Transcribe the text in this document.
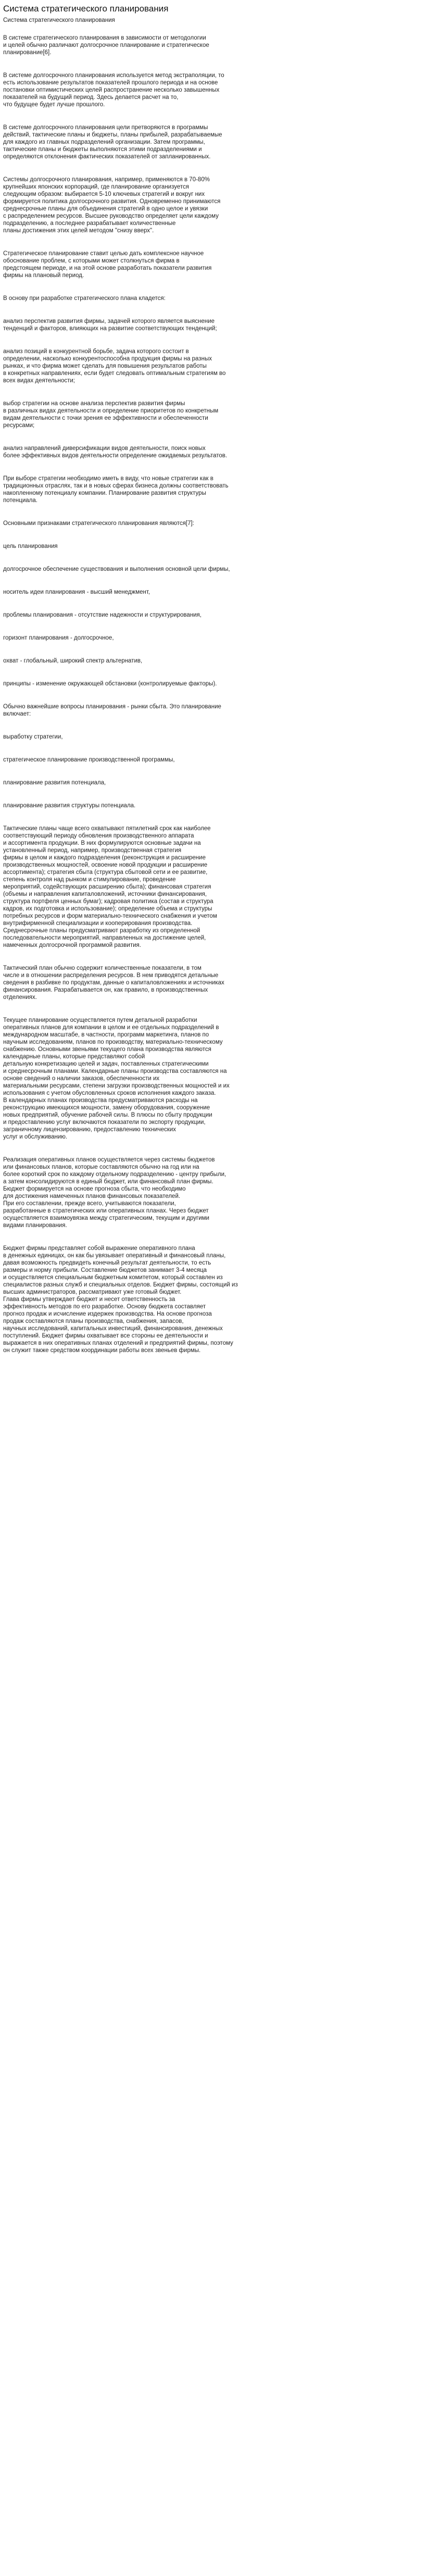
Система стратегического планирования
Система стратегического планирования

В системе стратегического планирования в зависимости от методологии
и целей обычно различают долгосрочное планирование и стратегическое
планирование[6].

В системе долгосрочного планирования используется метод экстраполяции, то
есть использование результатов показателей прошлого периода и на основе
постановки оптимистических целей распространение несколько завышенных
показателей на будущий период. Здесь делается расчет на то,
что будущее будет лучше прошлого.

В системе долгосрочного планирования цели претворяются в программы
действий, тактические планы и бюджеты, планы прибылей, разрабатываемые
для каждого из главных подразделений организации. Затем программы,
тактические планы и бюджеты выполняются этими подразделениями и
определяются отклонения фактических показателей от запланированных.

Системы долгосрочного планирования, например, применяются в 70-80%
крупнейших японских корпораций, где планирование организуется
следующим образом: выбирается 5-10 ключевых стратегий и вокруг них
формируется политика долгосрочного развития. Одновременно принимаются
среднесрочные планы для объединения стратегий в одно целое и увязки
с распределением ресурсов. Высшее руководство определяет цели каждому
подразделению, а последнее разрабатывает количественные
планы достижения этих целей методом "снизу вверх".

Стратегическое планирование ставит целью дать комплексное научное
обоснование проблем, с которыми может столкнуться фирма в
предстоящем периоде, и на этой основе разработать показатели развития
фирмы на плановый период.

В основу при разработке стратегического плана кладется:

анализ перспектив развития фирмы, задачей которого является выяснение
тенденций и факторов, влияющих на развитие соответствующих тенденций;

анализ позиций в конкурентной борьбе, задача которого состоит в
определении, насколько конкурентоспособна продукция фирмы на разных
рынках, и что фирма может сделать для повышения результатов работы
в конкретных направлениях, если будет следовать оптимальным стратегиям во
всех видах деятельности;

выбор стратегии на основе анализа перспектив развития фирмы
в различных видах деятельности и определение приоритетов по конкретным
видам деятельности с точки зрения ее эффективности и обеспеченности
ресурсами;

анализ направлений диверсификации видов деятельности, поиск новых
более эффективных видов деятельности определение ожидаемых результатов.

При выборе стратегии необходимо иметь в виду, что новые стратегии как в
традиционных отраслях, так и в новых сферах бизнеса должны соответствовать
накопленному потенциалу компании. Планирование развития структуры
потенциала.

Основными признаками стратегического планирования являются[7]:

цель планирования

долгосрочное обеспечение существования и выполнения основной цели фирмы,

носитель идеи планирования - высший менеджмент,

проблемы планирования - отсутствие надежности и структурирования,

горизонт планирования - долгосрочное,

охват - глобальный, широкий спектр альтернатив,

принципы - изменение окружающей обстановки (контролируемые факторы).

Обычно важнейшие вопросы планирования - рынки сбыта. Это планирование
включает:

выработку стратегии,

стратегическое планирование производственной программы,

планирование развития потенциала,

планирование развития структуры потенциала.

Тактические планы чаще всего охватывают пятилетний срок как наиболее
соответствующий периоду обновления производственного аппарата
и ассортимента продукции. В них формулируются основные задачи на
установленный период, например, производственная стратегия
фирмы в целом и каждого подразделения (реконструкция и расширение
производственных мощностей, освоение новой продукции и расширение
ассортимента); стратегия сбыта (структура сбытовой сети и ее развитие,
степень контроля над рынком и стимулирование, проведение
мероприятий, содействующих расширению сбыта); финансовая стратегия
(объемы и направления капиталовложений, источники финансирования,
структура портфеля ценных бумаг); кадровая политика (состав и структура
кадров, их подготовка и использование); определение объема и структуры
потребных ресурсов и форм материально-технического снабжения и учетом
внутрифирменной специализации и кооперирования производства.
Среднесрочные планы предусматривают разработку из определенной
последовательности мероприятий, направленных на достижение целей,
намеченных долгосрочной программой развития.

Тактический план обычно содержит количественные показатели, в том
числе и в отношении распределения ресурсов. В нем приводятся детальные
сведения в разбивке по продуктам, данные о капиталовложениях и источниках
финансирования. Разрабатывается он, как правило, в производственных
отделениях.

Текущее планирование осуществляется путем детальной разработки
оперативных планов для компании в целом и ее отдельных подразделений в
международном масштабе, в частности, программ маркетинга, планов по
научным исследованиям, планов по производству, материально-техническому
снабжению. Основными звеньями текущего плана производства являются
календарные планы, которые представляют собой
детальную конкретизацию целей и задач, поставленных стратегическими
и среднесрочным планами. Календарные планы производства составляются на
основе сведений о наличии заказов, обеспеченности их
материальными ресурсами, степени загрузки производственных мощностей и их
использования с учетом обусловленных сроков исполнения каждого заказа.
В календарных планах производства предусматриваются расходы на
реконструкцию имеющихся мощности, замену оборудования, сооружение
новых предприятий, обучение рабочей силы. В плюсы по сбыту продукции
и предоставлению услуг включаются показатели по экспорту продукции,
заграничному лицензированию, предоставлению технических
услуг и обслуживанию.

Реализация оперативных планов осуществляется через системы бюджетов
или финансовых планов, которые составляются обычно на год или на
более короткий срок по каждому отдельному подразделению - центру прибыли,
а затем консолидируются в единый бюджет, или финансовый план фирмы.
Бюджет формируется на основе прогноза сбыта, что необходимо
для достижения намеченных планов финансовых показателей.
При его составлении, прежде всего, учитываются показатели,
разработанные в стратегических или оперативных планах. Через бюджет
осуществляется взаимоувязка между стратегическим, текущим и другими
видами планирования.

Бюджет фирмы представляет собой выражение оперативного плана
в денежных единицах, он как бы увязывает оперативный и финансовый планы,
давая возможность предвидеть конечный результат деятельности, то есть
размеры и норму прибыли. Составление бюджетов занимает 3-4 месяца
и осуществляется специальным бюджетным комитетом, который составлен из
специалистов разных служб и специальных отделов. Бюджет фирмы, состоящий из
высших администраторов, рассматривают уже готовый бюджет.
Глава фирмы утверждает бюджет и несет ответственность за
эффективность методов по его разработке. Основу бюджета составляет
прогноз продаж и исчисление издержек производства. На основе прогноза
продаж составляются планы производства, снабжения, запасов,
научных исследований, капитальных инвестиций, финансирования, денежных
поступлений. Бюджет фирмы охватывает все стороны ее деятельности и
выражается в них оперативных планах отделений и предприятий фирмы, поэтому
он служит также средством координации работы всех звеньев фирмы.
